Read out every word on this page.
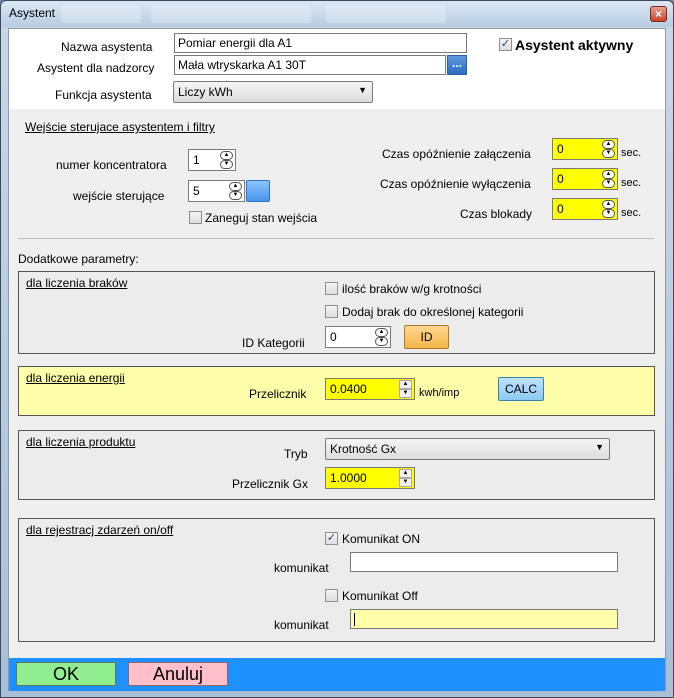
Asystent	×
Nazwa asystenta	Pomiar energii dla A1
Asystent dla nadzorcy	Mała wtryskarka A1 30T	...
Funkcja asystenta	Liczy kWh	▼
✓ Asystent aktywny
Wejście sterujace asystentem i filtry
numer koncentratora	1	▲
▼
wejście sterujące	5	▲
▼
Zaneguj stan wejścia
Czas opóźnienie załączenia	0	▲
▼ sec.
Czas opóźnienie wyłączenia	0	▲
▼ sec.
Czas blokady	0	▲
▼ sec.
Dodatkowe parametry:
dla liczenia braków	ilość braków w/g krotności
Dodaj brak do określonej kategorii
ID Kategorii	0	▲
▼	ID
dla liczenia energii
Przelicznik	0.0400	▲
▼ kwh/imp	CALC
dla liczenia produktu
Tryb	Krotność Gx	▼
Przelicznik Gx	1.0000	▲
▼
dla rejestracj zdarzeń on/off
✓ Komunikat ON
komunikat
Komunikat Off
komunikat
OK	Anuluj
